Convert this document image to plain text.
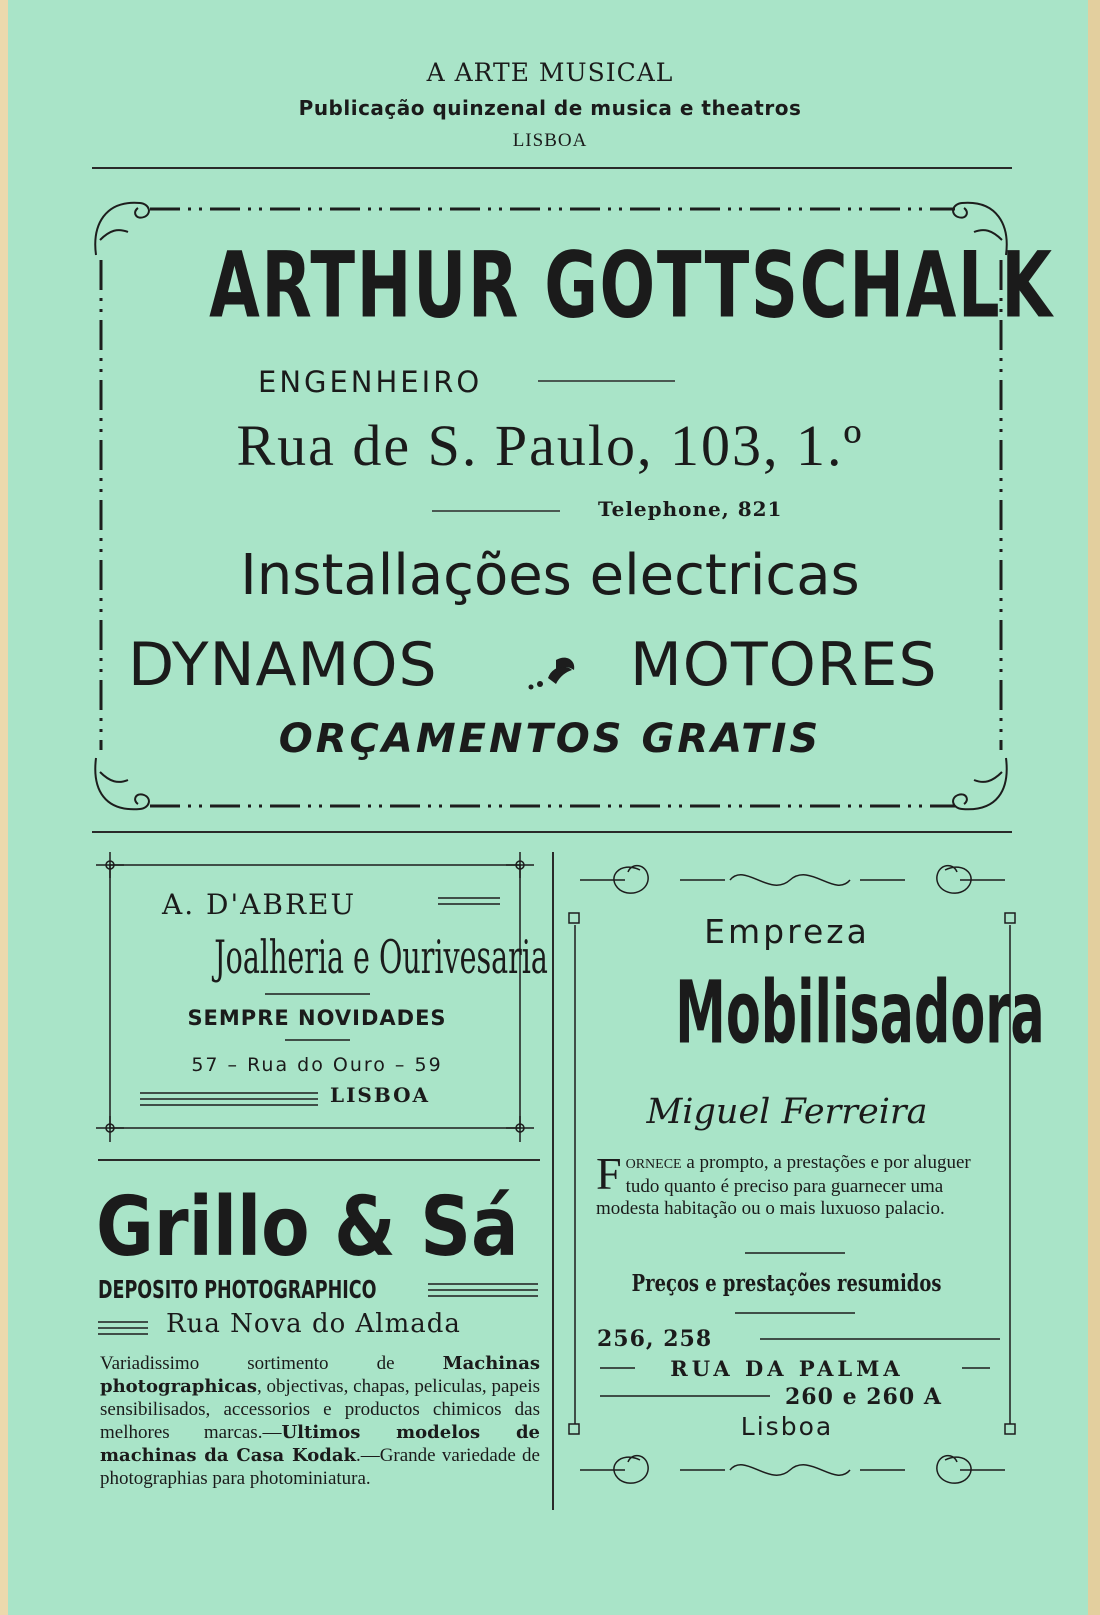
A ARTE MUSICAL
Publicação quinzenal de musica e theatros
LISBOA
ARTHUR GOTTSCHALK
ENGENHEIRO
Rua de S. Paulo, 103, 1.º
Telephone, 821
Installações electricas
DYNAMOS	MOTORES
ORÇAMENTOS GRATIS
A. D'ABREU
Joalheria e Ourivesaria
SEMPRE NOVIDADES
57 – Rua do Ouro – 59
LISBOA
Grillo & Sá
DEPOSITO PHOTOGRAPHICO
Rua Nova do Almada
Variadissimo sortimento de Machinas photographicas, objectivas, chapas, peliculas, papeis sensibilisados, accessorios e productos chimicos das melhores marcas.—Ultimos modelos de machinas da Casa Kodak.—Grande variedade de photographias para photominiatura.
Empreza
Mobilisadora
Miguel Ferreira
FORNECE a prompto, a prestações e por aluguer tudo quanto é preciso para guarnecer uma modesta habitação ou o mais luxuoso palacio.
Preços e prestações resumidos
256, 258
RUA DA PALMA
260 e 260 A
Lisboa
